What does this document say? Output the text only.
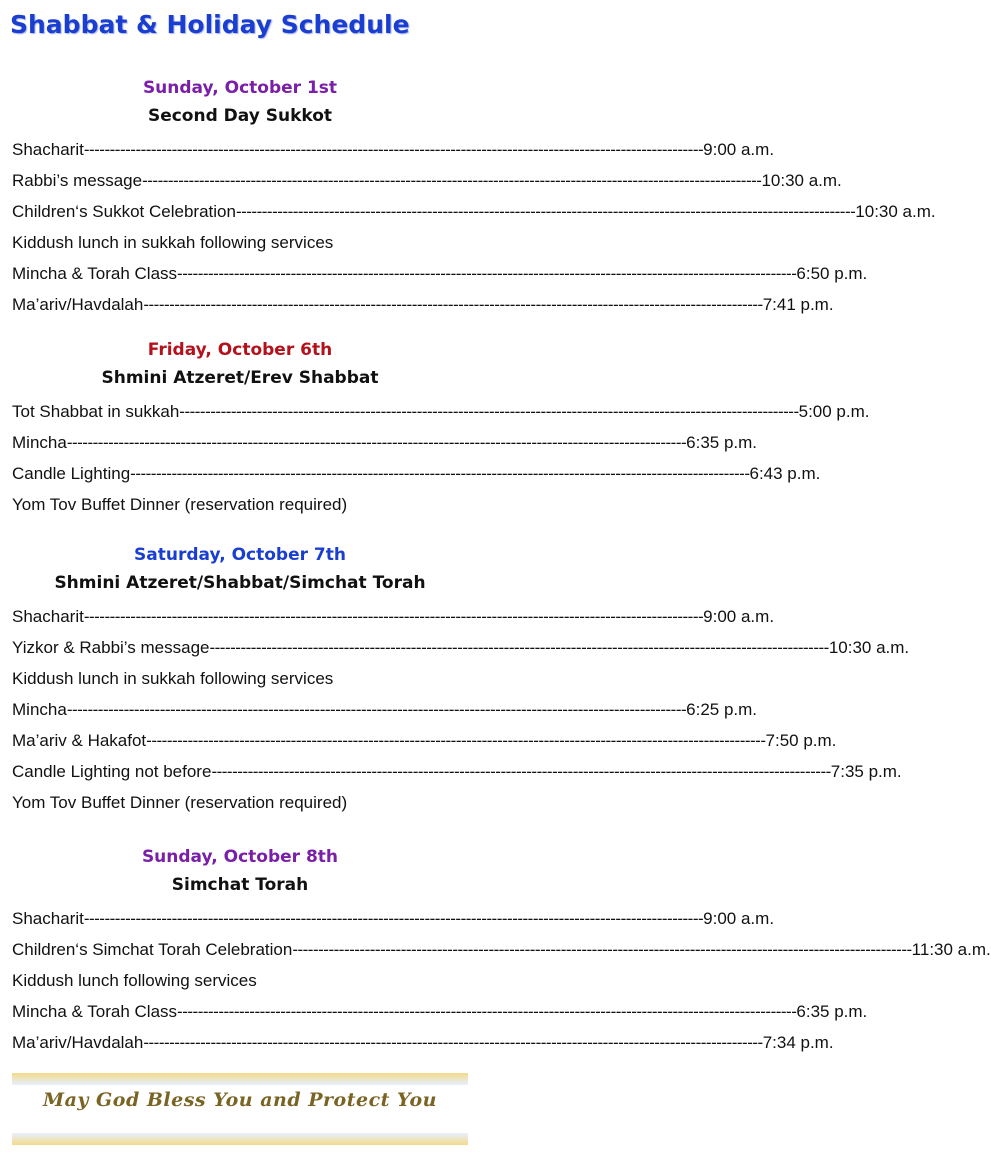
Shabbat & Holiday Schedule
Sunday, October 1st
Second Day Sukkot
Shacharit ------------------------------------------------------------------------------------------------------------------------ 9:00 a.m.
Rabbi’s message ------------------------------------------------------------------------------------------------------------------------ 10:30 a.m.
Children‘s Sukkot Celebration ------------------------------------------------------------------------------------------------------------------------ 10:30 a.m.
Kiddush lunch in sukkah following services
Mincha & Torah Class ------------------------------------------------------------------------------------------------------------------------ 6:50 p.m.
Ma’ariv/Havdalah ------------------------------------------------------------------------------------------------------------------------ 7:41 p.m.
Friday, October 6th
Shmini Atzeret/Erev Shabbat
Tot Shabbat in sukkah ------------------------------------------------------------------------------------------------------------------------ 5:00 p.m.
Mincha ------------------------------------------------------------------------------------------------------------------------ 6:35 p.m.
Candle Lighting ------------------------------------------------------------------------------------------------------------------------ 6:43 p.m.
Yom Tov Buffet Dinner (reservation required)
Saturday, October 7th
Shmini Atzeret/Shabbat/Simchat Torah
Shacharit ------------------------------------------------------------------------------------------------------------------------ 9:00 a.m.
Yizkor & Rabbi’s message ------------------------------------------------------------------------------------------------------------------------ 10:30 a.m.
Kiddush lunch in sukkah following services
Mincha ------------------------------------------------------------------------------------------------------------------------ 6:25 p.m.
Ma’ariv & Hakafot ------------------------------------------------------------------------------------------------------------------------ 7:50 p.m.
Candle Lighting not before ------------------------------------------------------------------------------------------------------------------------ 7:35 p.m.
Yom Tov Buffet Dinner (reservation required)
Sunday, October 8th
Simchat Torah
Shacharit ------------------------------------------------------------------------------------------------------------------------ 9:00 a.m.
Children‘s Simchat Torah Celebration ------------------------------------------------------------------------------------------------------------------------ 11:30 a.m.
Kiddush lunch following services
Mincha & Torah Class ------------------------------------------------------------------------------------------------------------------------ 6:35 p.m.
Ma’ariv/Havdalah ------------------------------------------------------------------------------------------------------------------------ 7:34 p.m.
May God Bless You and Protect You
